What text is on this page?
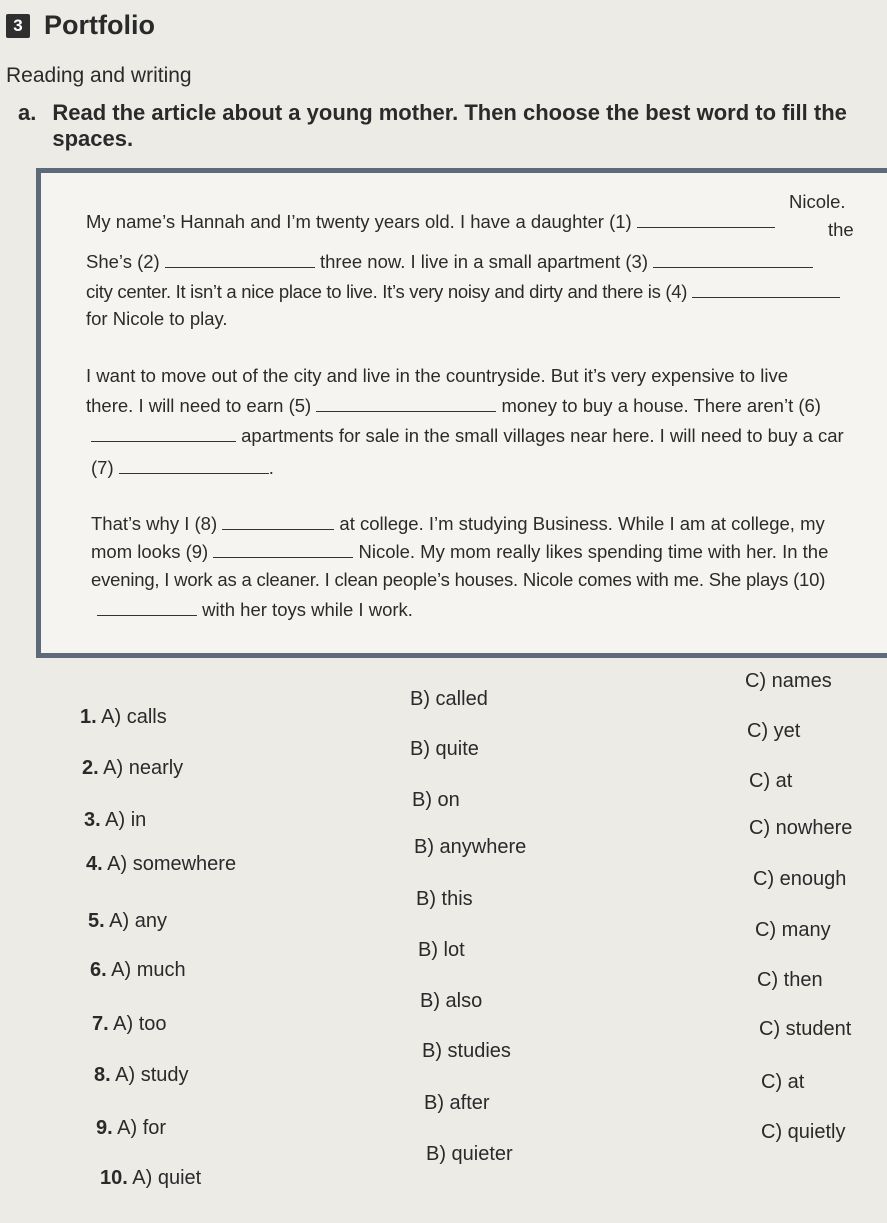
3 Portfolio
Reading and writing
a. Read the article about a young mother. Then choose the best word to fill the spaces.
My name’s Hannah and I’m twenty years old. I have a daughter (1)
Nicole.
She’s (2)	three now. I live in a small apartment (3)
the
city center. It isn’t a nice place to live. It’s very noisy and dirty and there is (4)
for Nicole to play.
I want to move out of the city and live in the countryside. But it’s very expensive to live
there. I will need to earn (5)	money to buy a house. There aren’t (6)
apartments for sale in the small villages near here. I will need to buy a car
(7)	.
That’s why I (8)	at college. I’m studying Business. While I am at college, my
mom looks (9)	Nicole. My mom really likes spending time with her. In the
evening, I work as a cleaner. I clean people’s houses. Nicole comes with me. She plays (10)
with her toys while I work.
1. A) calls
B) called
C) names
2. A) nearly
B) quite
C) yet
3. A) in
B) on
C) at
4. A) somewhere
B) anywhere
C) nowhere
5. A) any
B) this
C) enough
6. A) much
B) lot
C) many
7. A) too
B) also
C) then
8. A) study
B) studies
C) student
9. A) for
B) after
C) at
10. A) quiet
B) quieter
C) quietly
